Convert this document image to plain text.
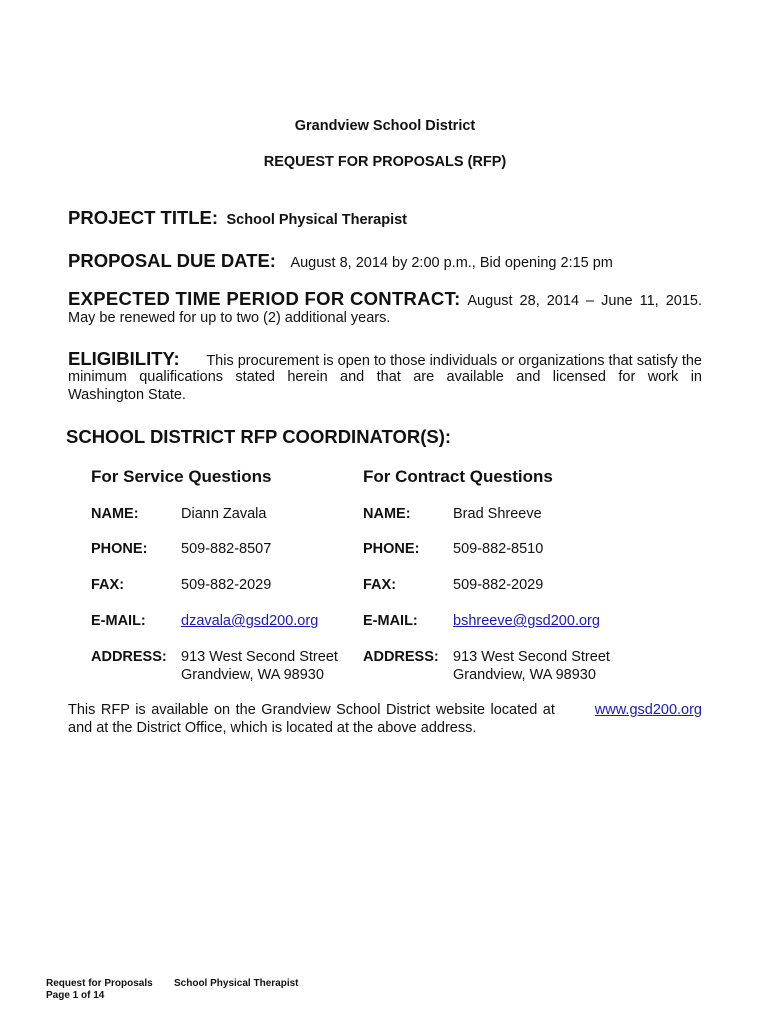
Grandview School District
REQUEST FOR PROPOSALS (RFP)
PROJECT TITLE: School Physical Therapist
PROPOSAL DUE DATE: August 8, 2014 by 2:00 p.m., Bid opening 2:15 pm
EXPECTED TIME PERIOD FOR CONTRACT: August 28, 2014 – June 11, 2015.
May be renewed for up to two (2) additional years.
ELIGIBILITY: This procurement is open to those individuals or organizations that satisfy the
minimum qualifications stated herein and that are available and licensed for work in
Washington State.
SCHOOL DISTRICT RFP COORDINATOR(S):
For Service Questions	For Contract Questions
NAME:	Diann Zavala	NAME:	Brad Shreeve
PHONE: 509-882-8507	PHONE: 509-882-8510
FAX:	509-882-2029	FAX:	509-882-2029
E-MAIL: dzavala@gsd200.org	E-MAIL: bshreeve@gsd200.org
ADDRESS: 913 West Second Street
Grandview, WA 98930
ADDRESS: 913 West Second Street
Grandview, WA 98930
This RFP is available on the Grandview School District website located at	www.gsd200.org
and at the District Office, which is located at the above address.
Request for Proposals
Page 1 of 14
School Physical Therapist
